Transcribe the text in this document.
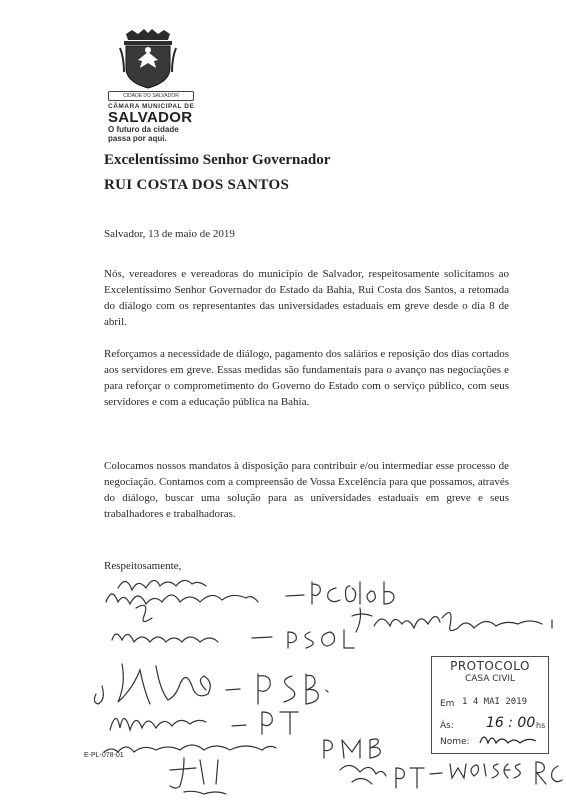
CIDADE DO SALVADOR
CÂMARA MUNICIPAL DE
SALVADOR
O futuro da cidade
passa por aqui.
Excelentíssimo Senhor Governador
RUI COSTA DOS SANTOS
Salvador, 13 de maio de 2019
Nós, vereadores e vereadoras do município de Salvador, respeitosamente solicitamos ao Excelentíssimo Senhor Governador do Estado da Bahia, Rui Costa dos Santos, a retomada do diálogo com os representantes das universidades estaduais em greve desde o dia 8 de abril.
Reforçamos a necessidade de diálogo, pagamento dos salários e reposição dos dias cortados aos servidores em greve. Essas medidas são fundamentais para o avanço nas negociações e para reforçar o comprometimento do Governo do Estado com o serviço público, com seus servidores e com a educação pública na Bahia.
Colocamos nossos mandatos à disposição para contribuir e/ou intermediar esse processo de negociação. Contamos com a compreensão de Vossa Excelência para que possamos, através do diálogo, buscar uma solução para as universidades estaduais em greve e seus trabalhadores e trabalhadoras.
Respeitosamente,
E-PL-078-01
PROTOCOLO
CASA CIVIL
Em 1 4 MAI 2019
Às: 16 : 00 hs
Nome:
